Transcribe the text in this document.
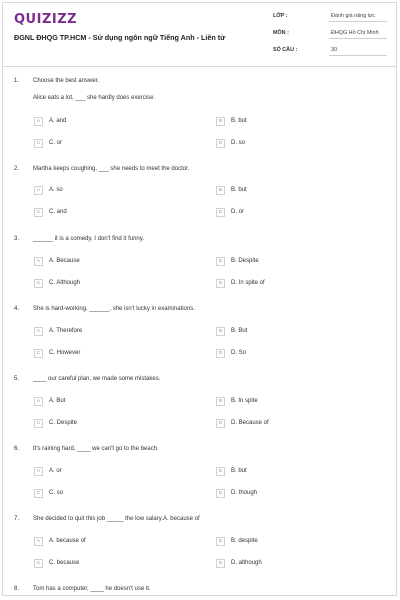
QUIZIZZ
ĐGNL ĐHQG TP.HCM - Sử dụng ngôn ngữ Tiếng Anh - Liên từ
LỚP :	Đánh giá năng lực
MÔN :	ĐHQG Hồ Chí Minh
SỐ CÂU :	30
1. Choose the best answer.
Alice eats a lot, ___ she hardly does exercise.
A	A. and	B	B. but
C	C. or	D	D. so
2. Martha keeps coughing, ___ she needs to meet the doctor.
A	A. so	B	B. but
C	C. and	D	D. or
3. ______ it is a comedy, I don't find it funny.
A	A. Because	B	B. Despite
C	C. Although	D	D. In spite of
4. She is hard-working. ______, she isn't lucky in examinations.
A	A. Therefore	B	B. But
C	C. However	D	D. So
5. ____ our careful plan, we made some mistakes.
A	A. But	B	B. In spite
C	C. Despite	D	D. Because of
6. It's raining hard, ____ we can't go to the beach.
A	A. or	B	B. but
C	C. so	D	D. though
7. She decided to quit this job _____ the low salary.A. because of
A	A. because of	B	B. despite
C	C. because	D	D. although
8. Tom has a computer, ____ he doesn't use it.
